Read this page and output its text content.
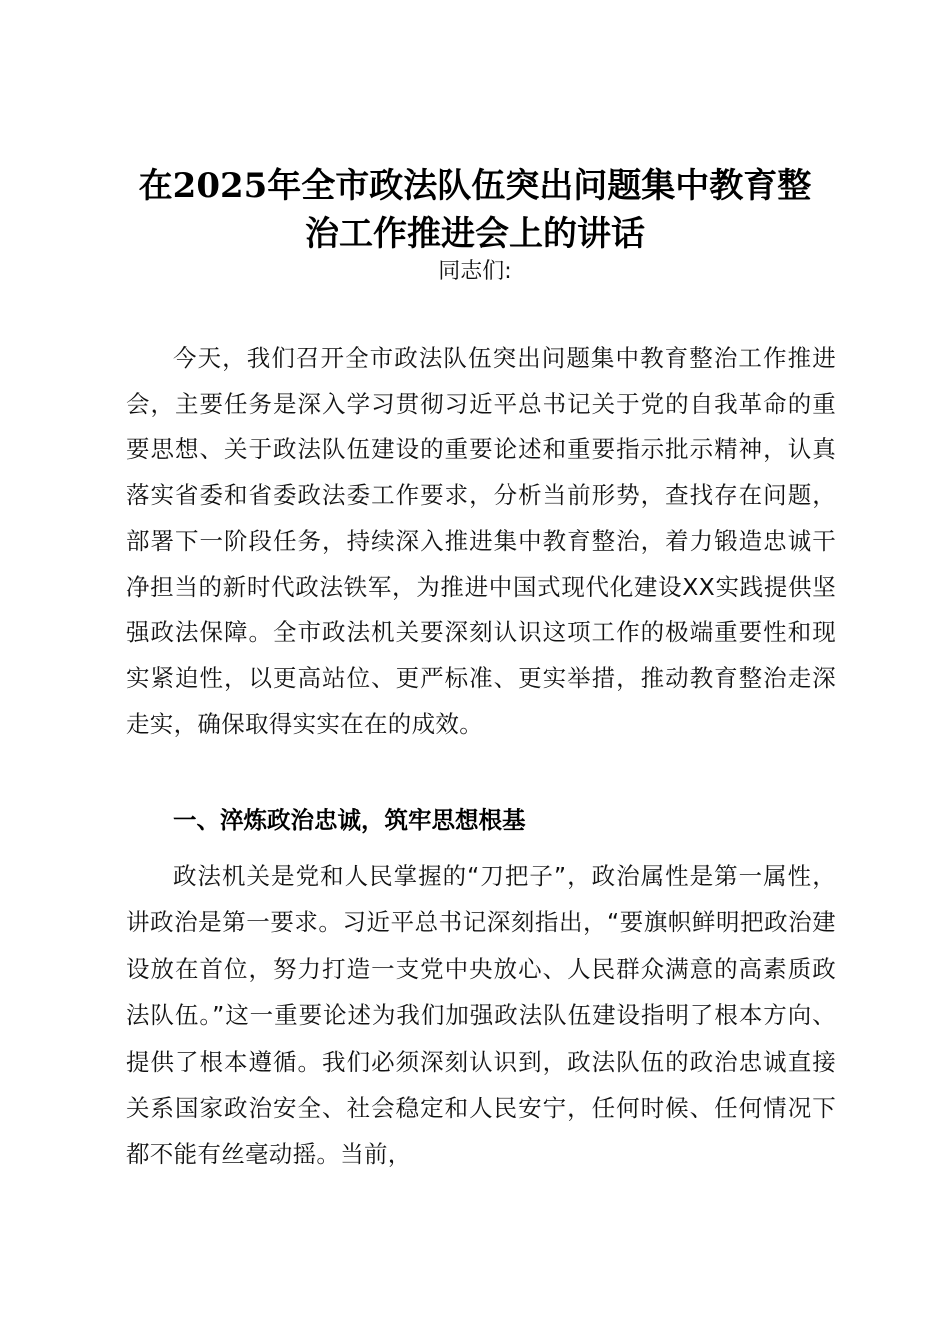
在2025年全市政法队伍突出问题集中教育整
治工作推进会上的讲话
同志们:

今天，我们召开全市政法队伍突出问题集中教育整治工作推进会，主要任务是深入学习贯彻习近平总书记关于党的自我革命的重要思想、关于政法队伍建设的重要论述和重要指示批示精神，认真落实省委和省委政法委工作要求，分析当前形势，查找存在问题，部署下一阶段任务，持续深入推进集中教育整治，着力锻造忠诚干净担当的新时代政法铁军，为推进中国式现代化建设XX实践提供坚强政法保障。全市政法机关要深刻认识这项工作的极端重要性和现实紧迫性，以更高站位、更严标准、更实举措，推动教育整治走深走实，确保取得实实在在的成效。

一、淬炼政治忠诚，筑牢思想根基

政法机关是党和人民掌握的“刀把子”，政治属性是第一属性，讲政治是第一要求。习近平总书记深刻指出，“要旗帜鲜明把政治建设放在首位，努力打造一支党中央放心、人民群众满意的高素质政法队伍。”这一重要论述为我们加强政法队伍建设指明了根本方向、提供了根本遵循。我们必须深刻认识到，政法队伍的政治忠诚直接关系国家政治安全、社会稳定和人民安宁，任何时候、任何情况下都不能有丝毫动摇。当前，
